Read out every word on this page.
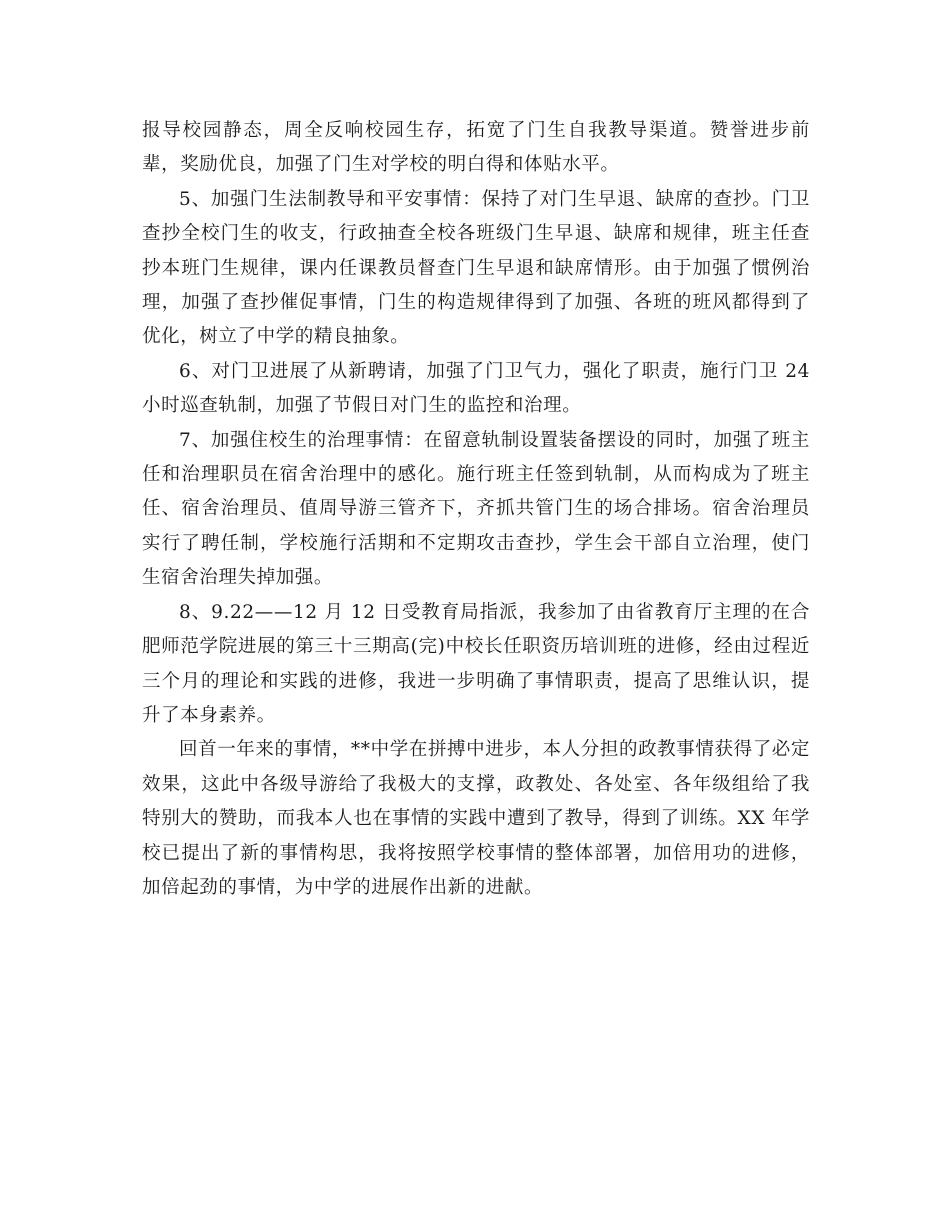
报导校园静态，周全反响校园生存，拓宽了门生自我教导渠道。赞誉进步前辈，奖励优良，加强了门生对学校的明白得和体贴水平。

5、加强门生法制教导和平安事情：保持了对门生早退、缺席的查抄。门卫查抄全校门生的收支，行政抽查全校各班级门生早退、缺席和规律，班主任查抄本班门生规律，课内任课教员督查门生早退和缺席情形。由于加强了惯例治理，加强了查抄催促事情，门生的构造规律得到了加强、各班的班风都得到了优化，树立了中学的精良抽象。

6、对门卫进展了从新聘请，加强了门卫气力，强化了职责，施行门卫 24 小时巡查轨制，加强了节假日对门生的监控和治理。

7、加强住校生的治理事情：在留意轨制设置装备摆设的同时，加强了班主任和治理职员在宿舍治理中的感化。施行班主任签到轨制，从而构成为了班主任、宿舍治理员、值周导游三管齐下，齐抓共管门生的场合排场。宿舍治理员实行了聘任制，学校施行活期和不定期攻击查抄，学生会干部自立治理，使门生宿舍治理失掉加强。

8、9.22——12 月 12 日受教育局指派，我参加了由省教育厅主理的在合肥师范学院进展的第三十三期高(完)中校长任职资历培训班的进修，经由过程近三个月的理论和实践的进修，我进一步明确了事情职责，提高了思维认识，提升了本身素养。

回首一年来的事情，**中学在拼搏中进步，本人分担的政教事情获得了必定效果，这此中各级导游给了我极大的支撑，政教处、各处室、各年级组给了我特别大的赞助，而我本人也在事情的实践中遭到了教导，得到了训练。XX 年学校已提出了新的事情构思，我将按照学校事情的整体部署，加倍用功的进修，加倍起劲的事情，为中学的进展作出新的进献。
